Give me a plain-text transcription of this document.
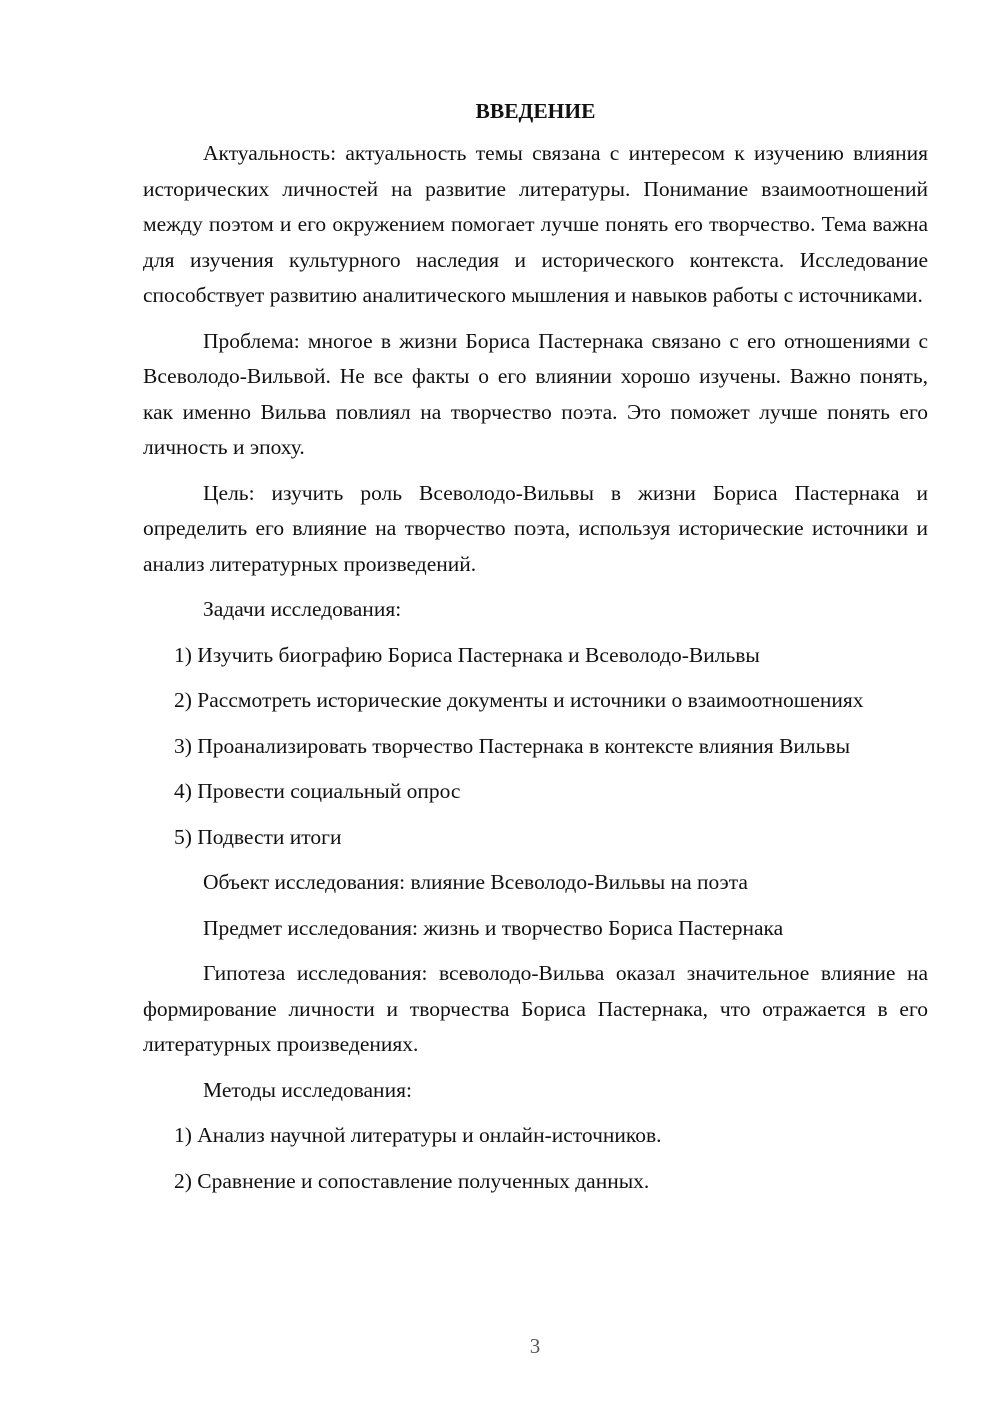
ВВЕДЕНИЕ

Актуальность: актуальность темы связана с интересом к изучению влияния исторических личностей на развитие литературы. Понимание взаимоотношений между поэтом и его окружением помогает лучше понять его творчество. Тема важна для изучения культурного наследия и исторического контекста. Исследование способствует развитию аналитического мышления и навыков работы с источниками.

Проблема: многое в жизни Бориса Пастернака связано с его отношениями с Всеволодо-Вильвой. Не все факты о его влиянии хорошо изучены. Важно понять, как именно Вильва повлиял на творчество поэта. Это поможет лучше понять его личность и эпоху.

Цель: изучить роль Всеволодо-Вильвы в жизни Бориса Пастернака и определить его влияние на творчество поэта, используя исторические источники и анализ литературных произведений.

Задачи исследования:

1) Изучить биографию Бориса Пастернака и Всеволодо-Вильвы

2) Рассмотреть исторические документы и источники о взаимоотношениях

3) Проанализировать творчество Пастернака в контексте влияния Вильвы

4) Провести социальный опрос

5) Подвести итоги

Объект исследования: влияние Всеволодо-Вильвы на поэта

Предмет исследования: жизнь и творчество Бориса Пастернака

Гипотеза исследования: всеволодо-Вильва оказал значительное влияние на формирование личности и творчества Бориса Пастернака, что отражается в его литературных произведениях.

Методы исследования:

1) Анализ научной литературы и онлайн-источников.

2) Сравнение и сопоставление полученных данных.

3
